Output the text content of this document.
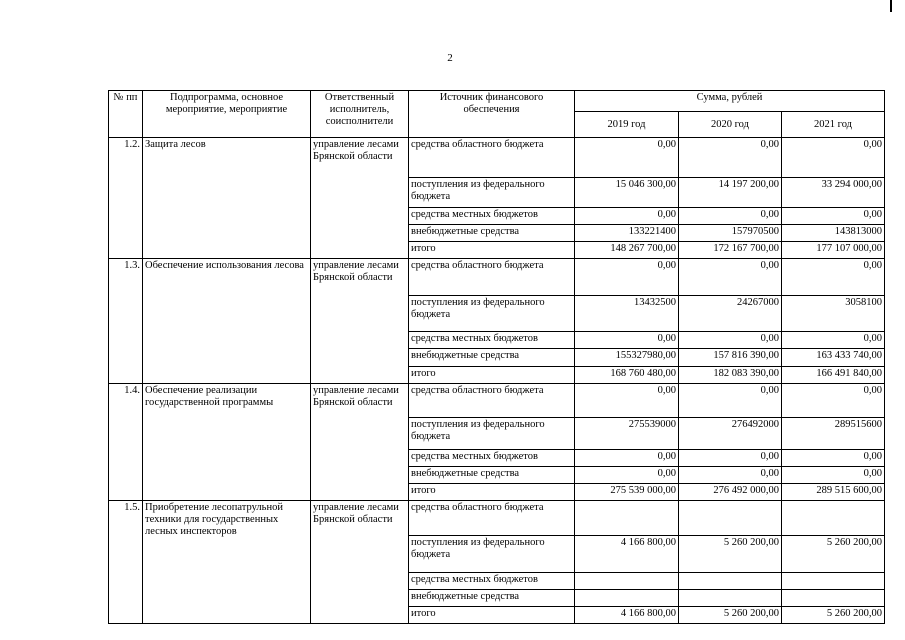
2
№ пп	Подпрограмма, основное мероприятие, мероприятие	Ответственный исполнитель, соисполнители	Источник финансового обеспечения	Сумма, рублей		
				2019 год	2020 год	2021 год
1.2.	Защита лесов	управление лесами Брянской области	средства областного бюджета	0,00	0,00	0,00
			поступления из федерального бюджета	15 046 300,00	14 197 200,00	33 294 000,00
			средства местных бюджетов	0,00	0,00	0,00
			внебюджетные средства	133221400	157970500	143813000
			итого	148 267 700,00	172 167 700,00	177 107 000,00
1.3.	Обеспечение использования лесова	управление лесами Брянской области	средства областного бюджета	0,00	0,00	0,00
			поступления из федерального бюджета	13432500	24267000	3058100
			средства местных бюджетов	0,00	0,00	0,00
			внебюджетные средства	155327980,00	157 816 390,00	163 433 740,00
			итого	168 760 480,00	182 083 390,00	166 491 840,00
1.4.	Обеспечение реализации государственной программы	управление лесами Брянской области	средства областного бюджета	0,00	0,00	0,00
			поступления из федерального бюджета	275539000	276492000	289515600
			средства местных бюджетов	0,00	0,00	0,00
			внебюджетные средства	0,00	0,00	0,00
			итого	275 539 000,00	276 492 000,00	289 515 600,00
1.5.	Приобретение лесопатрульной техники для государственных лесных инспекторов	управление лесами Брянской области	средства областного бюджета			
			поступления из федерального бюджета	4 166 800,00	5 260 200,00	5 260 200,00
			средства местных бюджетов			
			внебюджетные средства			
			итого	4 166 800,00	5 260 200,00	5 260 200,00
